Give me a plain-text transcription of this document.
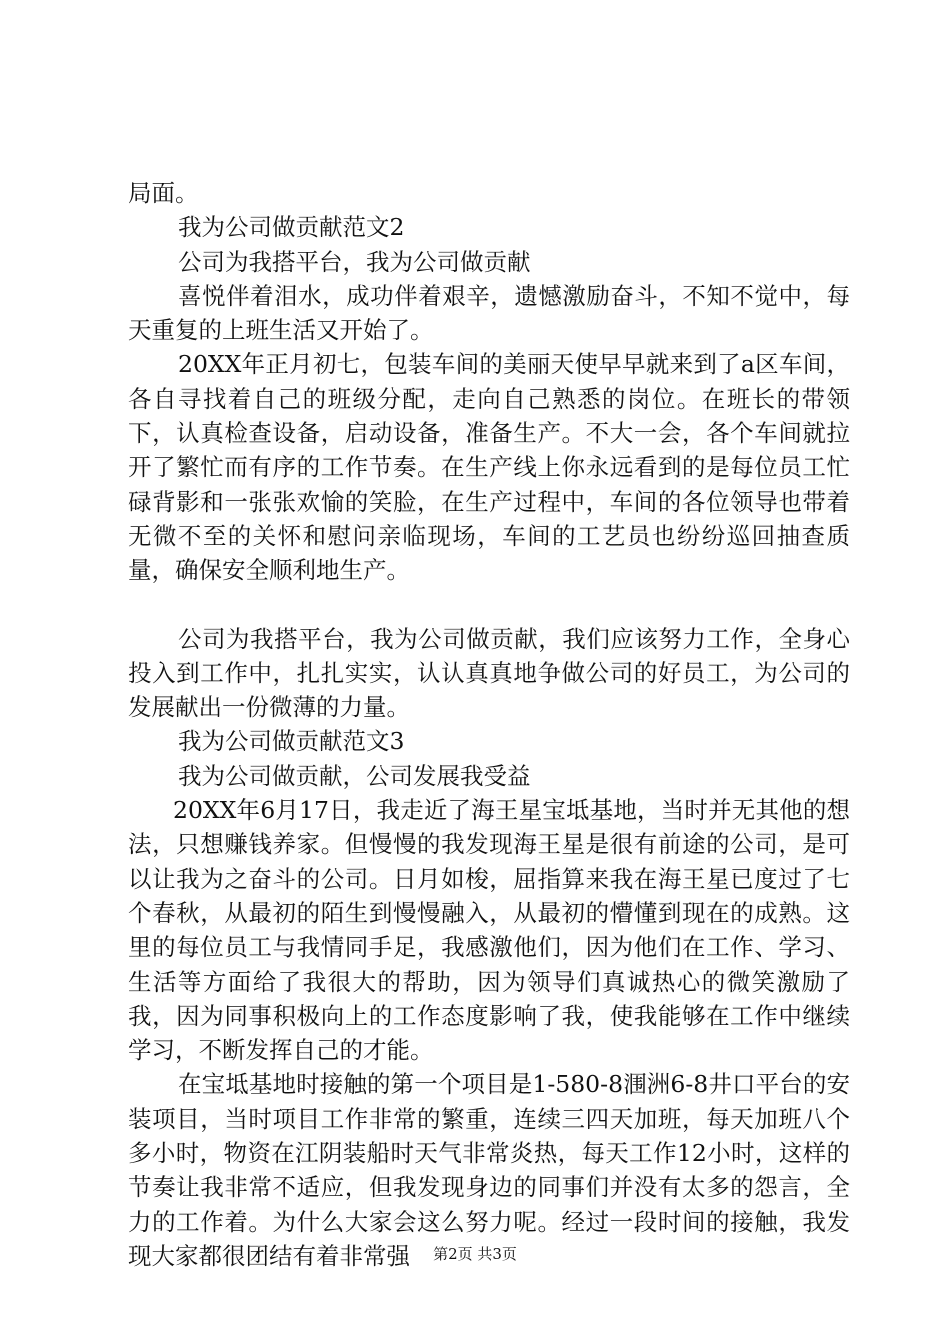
局面。

我为公司做贡献范文2

公司为我搭平台，我为公司做贡献

喜悦伴着泪水，成功伴着艰辛，遗憾激励奋斗，不知不觉中，每天重复的上班生活又开始了。

20XX年正月初七，包装车间的美丽天使早早就来到了a区车间，各自寻找着自己的班级分配，走向自己熟悉的岗位。在班长的带领下，认真检查设备，启动设备，准备生产。不大一会，各个车间就拉开了繁忙而有序的工作节奏。在生产线上你永远看到的是每位员工忙碌背影和一张张欢愉的笑脸，在生产过程中，车间的各位领导也带着无微不至的关怀和慰问亲临现场，车间的工艺员也纷纷巡回抽查质量，确保安全顺利地生产。

公司为我搭平台，我为公司做贡献，我们应该努力工作，全身心投入到工作中，扎扎实实，认认真真地争做公司的好员工，为公司的发展献出一份微薄的力量。

我为公司做贡献范文3

我为公司做贡献，公司发展我受益

20XX年6月17日，我走近了海王星宝坻基地，当时并无其他的想法，只想赚钱养家。但慢慢的我发现海王星是很有前途的公司，是可以让我为之奋斗的公司。日月如梭，屈指算来我在海王星已度过了七个春秋，从最初的陌生到慢慢融入，从最初的懵懂到现在的成熟。这里的每位员工与我情同手足，我感激他们，因为他们在工作、学习、生活等方面给了我很大的帮助，因为领导们真诚热心的微笑激励了我，因为同事积极向上的工作态度影响了我，使我能够在工作中继续学习，不断发挥自己的才能。

在宝坻基地时接触的第一个项目是1-580-8涠洲6-8井口平台的安装项目，当时项目工作非常的繁重，连续三四天加班，每天加班八个多小时，物资在江阴装船时天气非常炎热，每天工作12小时，这样的节奏让我非常不适应，但我发现身边的同事们并没有太多的怨言，全力的工作着。为什么大家会这么努力呢。经过一段时间的接触，我发现大家都很团结有着非常强	第2页 共3页
